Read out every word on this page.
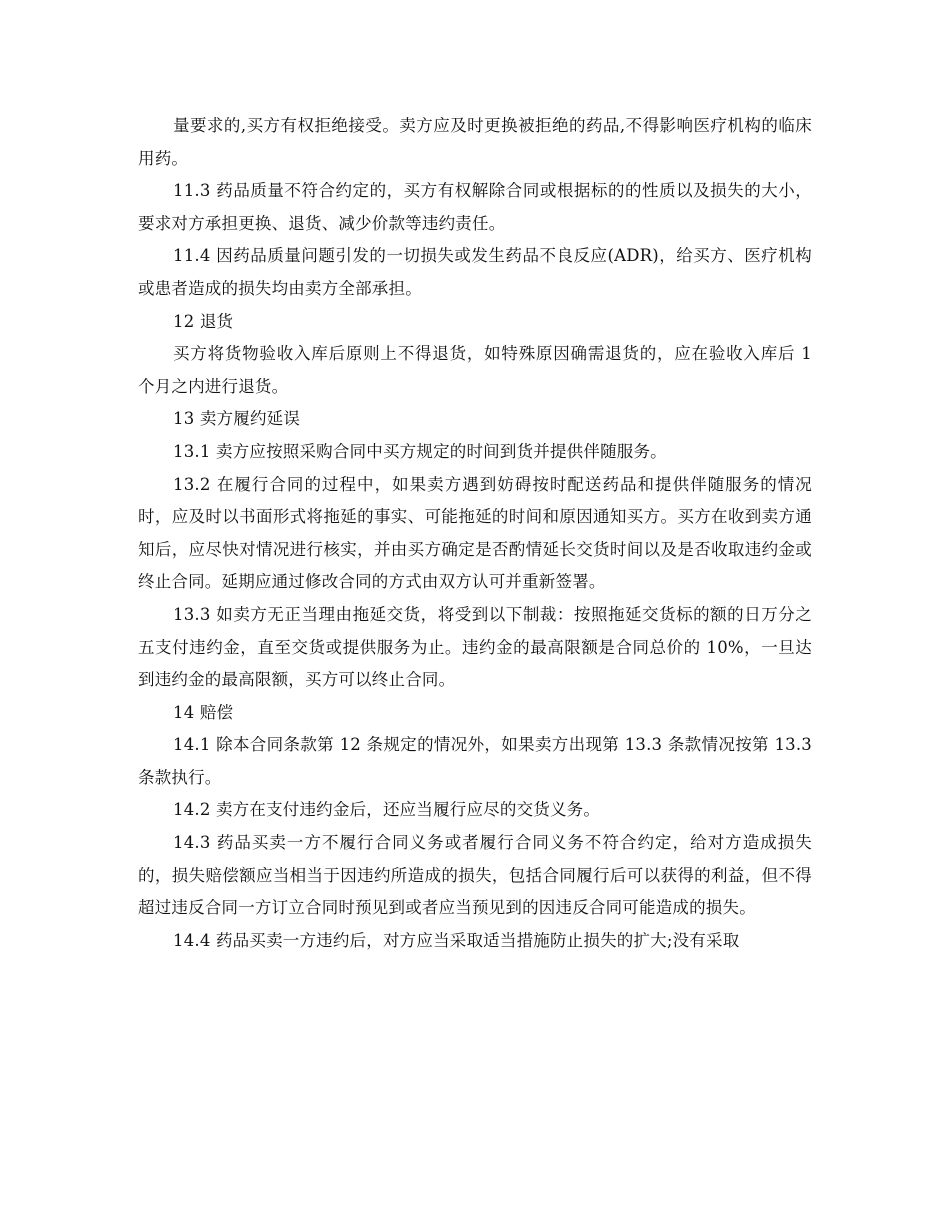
量要求的,买方有权拒绝接受。卖方应及时更换被拒绝的药品,不得影响医疗机构的临床用药。

11.3 药品质量不符合约定的，买方有权解除合同或根据标的的性质以及损失的大小，要求对方承担更换、退货、减少价款等违约责任。

11.4 因药品质量问题引发的一切损失或发生药品不良反应(ADR)，给买方、医疗机构或患者造成的损失均由卖方全部承担。

12 退货

买方将货物验收入库后原则上不得退货，如特殊原因确需退货的，应在验收入库后 1 个月之内进行退货。

13 卖方履约延误

13.1 卖方应按照采购合同中买方规定的时间到货并提供伴随服务。

13.2 在履行合同的过程中，如果卖方遇到妨碍按时配送药品和提供伴随服务的情况时，应及时以书面形式将拖延的事实、可能拖延的时间和原因通知买方。买方在收到卖方通知后，应尽快对情况进行核实，并由买方确定是否酌情延长交货时间以及是否收取违约金或终止合同。延期应通过修改合同的方式由双方认可并重新签署。

13.3 如卖方无正当理由拖延交货，将受到以下制裁：按照拖延交货标的额的日万分之五支付违约金，直至交货或提供服务为止。违约金的最高限额是合同总价的 10%，一旦达到违约金的最高限额，买方可以终止合同。

14 赔偿

14.1 除本合同条款第 12 条规定的情况外，如果卖方出现第 13.3 条款情况按第 13.3 条款执行。

14.2 卖方在支付违约金后，还应当履行应尽的交货义务。

14.3 药品买卖一方不履行合同义务或者履行合同义务不符合约定，给对方造成损失的，损失赔偿额应当相当于因违约所造成的损失，包括合同履行后可以获得的利益，但不得超过违反合同一方订立合同时预见到或者应当预见到的因违反合同可能造成的损失。

14.4 药品买卖一方违约后，对方应当采取适当措施防止损失的扩大;没有采取
